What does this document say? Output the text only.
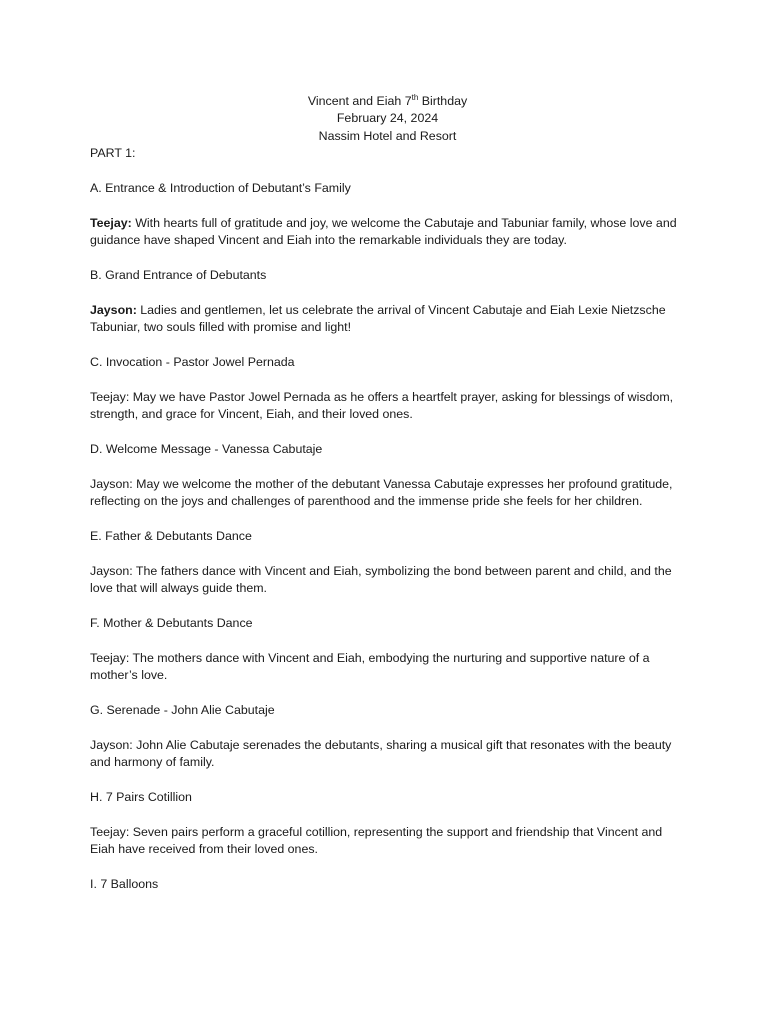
Vincent and Eiah 7th Birthday
February 24, 2024
Nassim Hotel and Resort

PART 1:

A. Entrance & Introduction of Debutant’s Family

Teejay: With hearts full of gratitude and joy, we welcome the Cabutaje and Tabuniar family, whose love and guidance have shaped Vincent and Eiah into the remarkable individuals they are today.

B. Grand Entrance of Debutants

Jayson: Ladies and gentlemen, let us celebrate the arrival of Vincent Cabutaje and Eiah Lexie Nietzsche Tabuniar, two souls filled with promise and light!

C. Invocation - Pastor Jowel Pernada

Teejay: May we have Pastor Jowel Pernada as he offers a heartfelt prayer, asking for blessings of wisdom, strength, and grace for Vincent, Eiah, and their loved ones.

D. Welcome Message - Vanessa Cabutaje

Jayson: May we welcome the mother of the debutant Vanessa Cabutaje expresses her profound gratitude, reflecting on the joys and challenges of parenthood and the immense pride she feels for her children.

E. Father & Debutants Dance

Jayson: The fathers dance with Vincent and Eiah, symbolizing the bond between parent and child, and the love that will always guide them.

F. Mother & Debutants Dance

Teejay: The mothers dance with Vincent and Eiah, embodying the nurturing and supportive nature of a mother’s love.

G. Serenade - John Alie Cabutaje

Jayson: John Alie Cabutaje serenades the debutants, sharing a musical gift that resonates with the beauty and harmony of family.

H. 7 Pairs Cotillion

Teejay: Seven pairs perform a graceful cotillion, representing the support and friendship that Vincent and Eiah have received from their loved ones.

I. 7 Balloons
